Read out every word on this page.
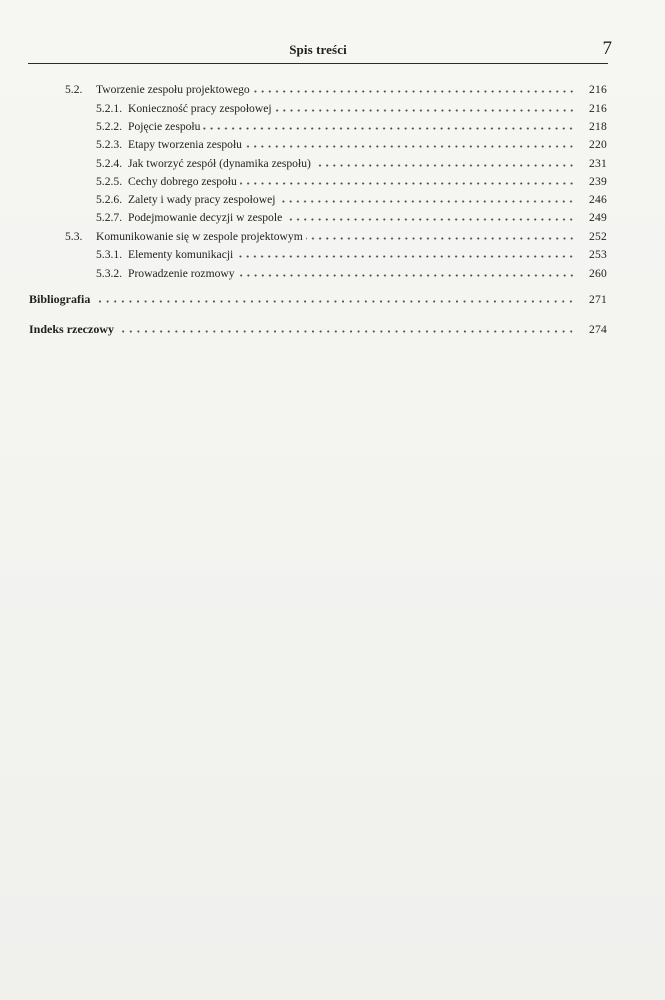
Spis treści	7
5.2.	Tworzenie zespołu projektowego	216
5.2.1. Konieczność pracy zespołowej	216
5.2.2. Pojęcie zespołu	218
5.2.3. Etapy tworzenia zespołu	220
5.2.4. Jak tworzyć zespół (dynamika zespołu)	231
5.2.5. Cechy dobrego zespołu	239
5.2.6. Zalety i wady pracy zespołowej	246
5.2.7. Podejmowanie decyzji w zespole	249
5.3.	Komunikowanie się w zespole projektowym	252
5.3.1. Elementy komunikacji	253
5.3.2. Prowadzenie rozmowy	260
Bibliografia	271
Indeks rzeczowy	274
